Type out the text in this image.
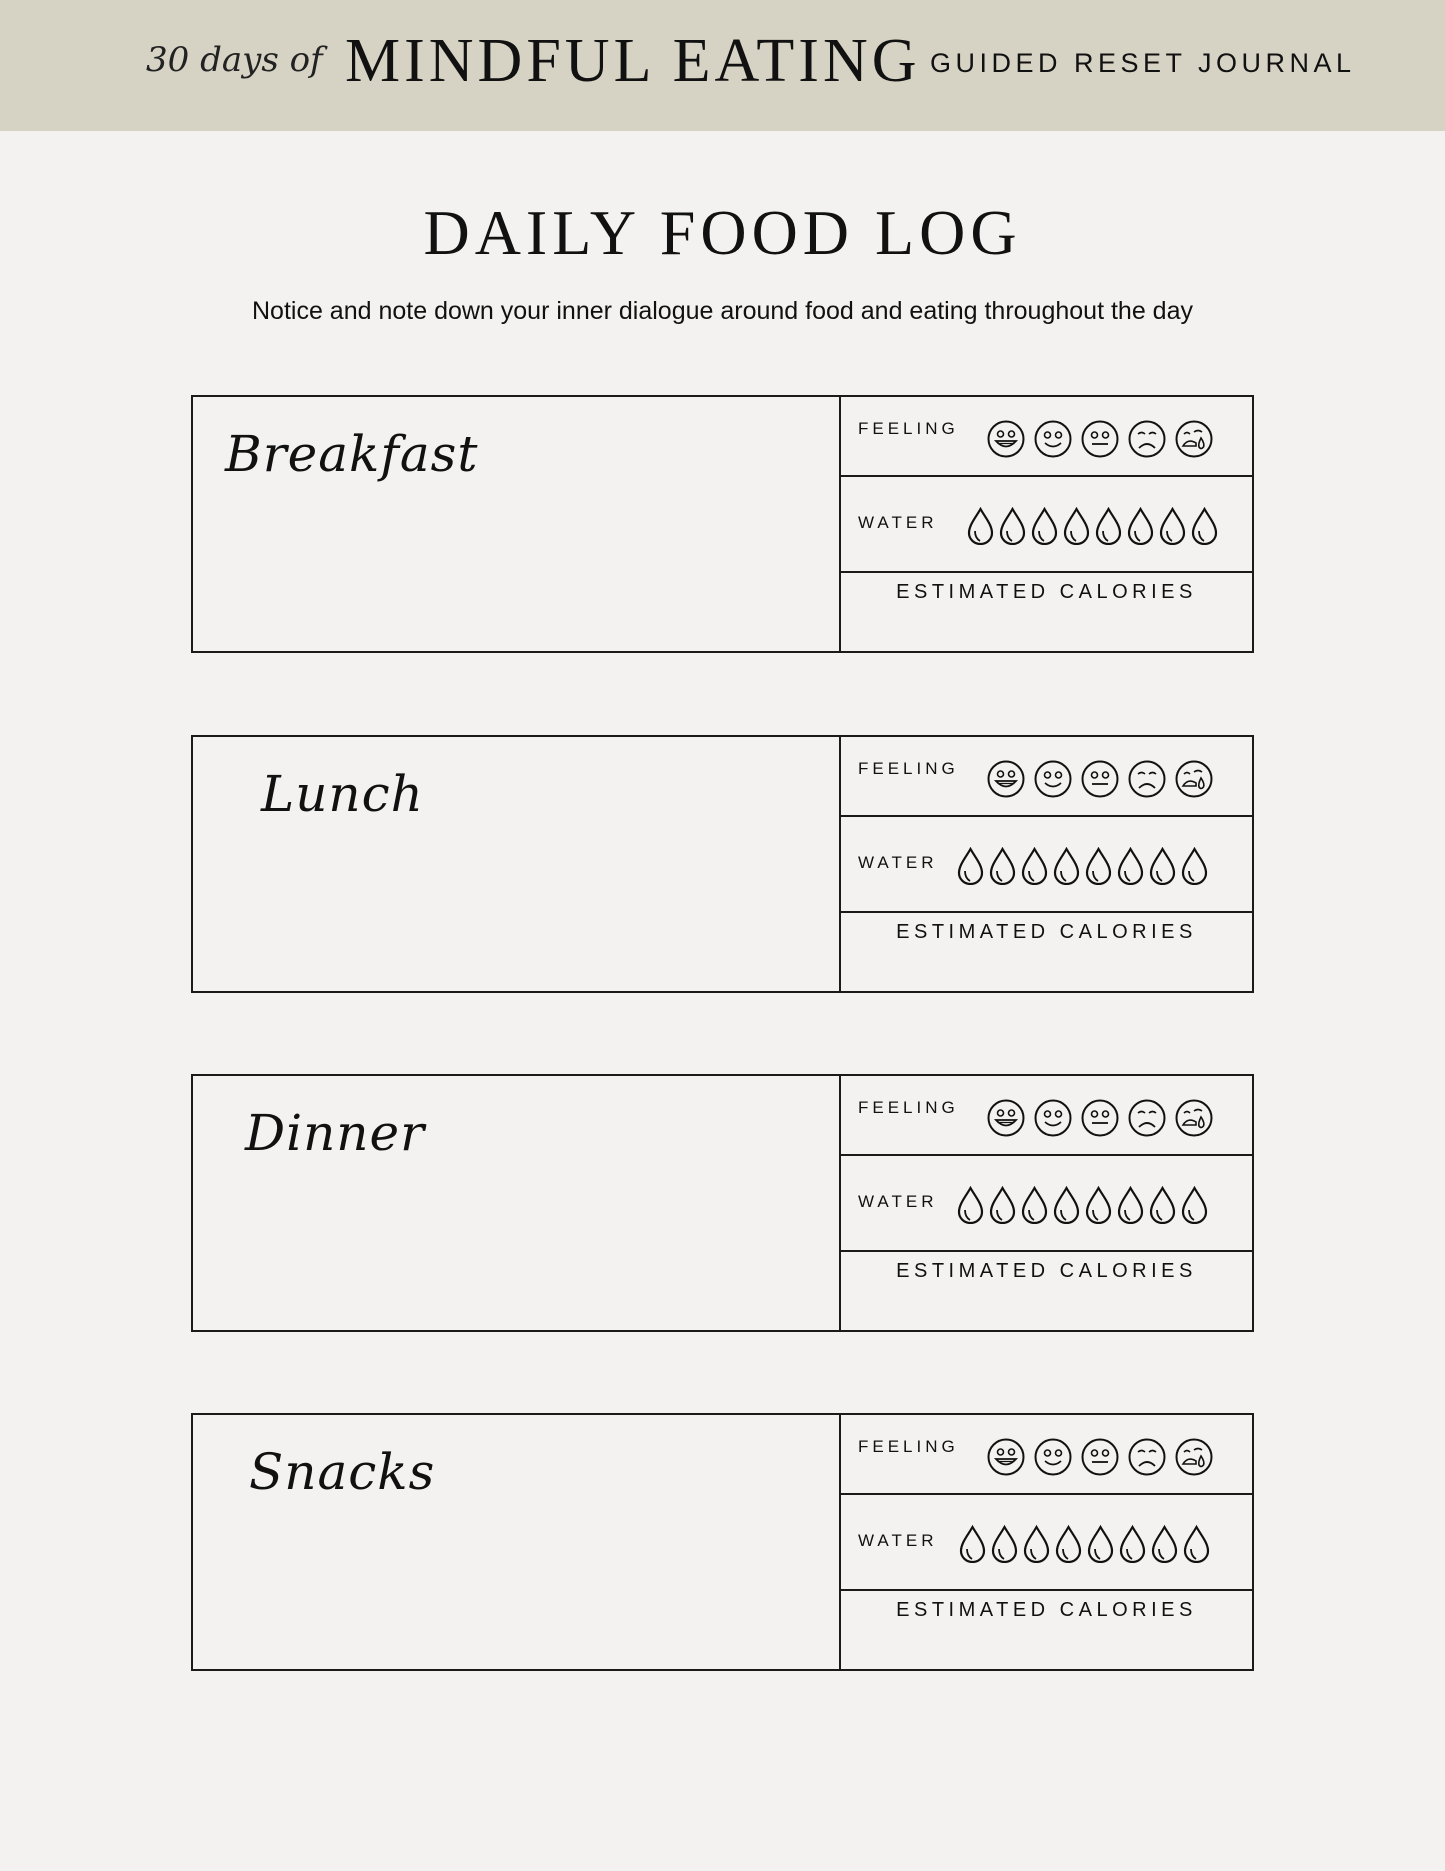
30 days of MINDFUL EATING GUIDED RESET JOURNAL
DAILY FOOD LOG
Notice and note down your inner dialogue around food and eating throughout the day
Breakfast	FEELING
WATER
ESTIMATED CALORIES
Lunch	FEELING
WATER
ESTIMATED CALORIES
Dinner	FEELING
WATER
ESTIMATED CALORIES
Snacks	FEELING
WATER
ESTIMATED CALORIES
